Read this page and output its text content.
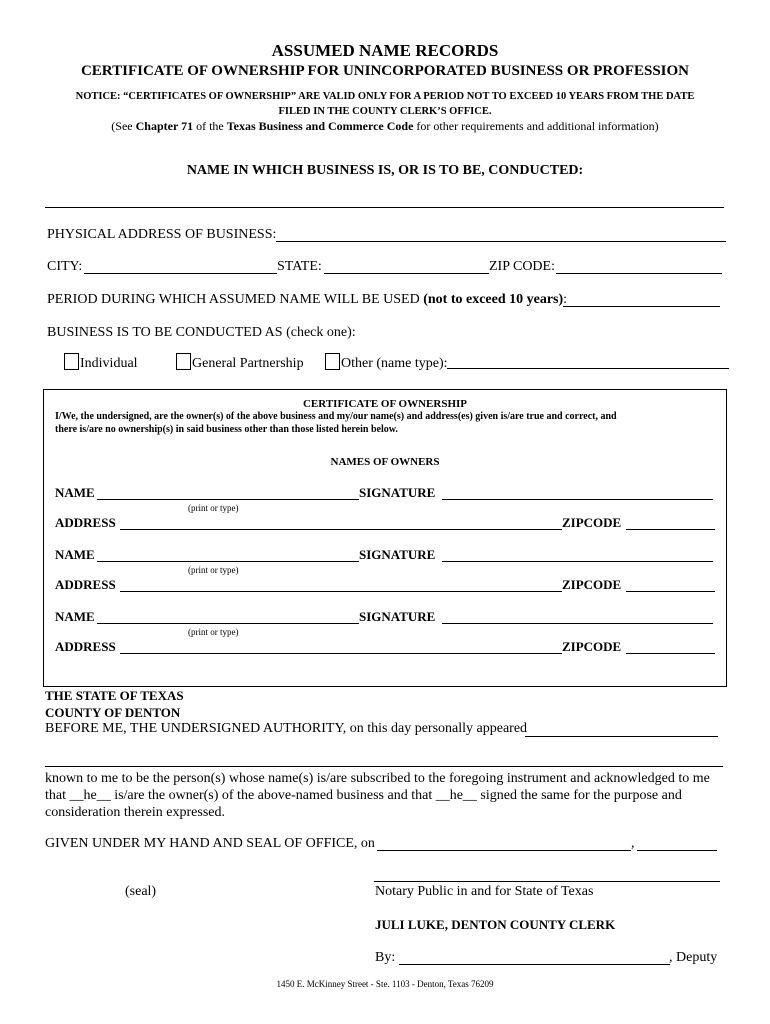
ASSUMED NAME RECORDS
CERTIFICATE OF OWNERSHIP FOR UNINCORPORATED BUSINESS OR PROFESSION
NOTICE: “CERTIFICATES OF OWNERSHIP” ARE VALID ONLY FOR A PERIOD NOT TO EXCEED 10 YEARS FROM THE DATE
FILED IN THE COUNTY CLERK’S OFFICE.
(See Chapter 71 of the Texas Business and Commerce Code for other requirements and additional information)
NAME IN WHICH BUSINESS IS, OR IS TO BE, CONDUCTED:
PHYSICAL ADDRESS OF BUSINESS:
CITY:	STATE:	ZIP CODE:
PERIOD DURING WHICH ASSUMED NAME WILL BE USED (not to exceed 10 years):
BUSINESS IS TO BE CONDUCTED AS (check one):
Individual	General Partnership	Other (name type):
CERTIFICATE OF OWNERSHIP
I/We, the undersigned, are the owner(s) of the above business and my/our name(s) and address(es) given is/are true and correct, and
there is/are no ownership(s) in said business other than those listed herein below.
NAMES OF OWNERS
NAME	SIGNATURE
(print or type)
ADDRESS	ZIPCODE
NAME	SIGNATURE
(print or type)
ADDRESS	ZIPCODE
NAME	SIGNATURE
(print or type)
ADDRESS	ZIPCODE
THE STATE OF TEXAS
COUNTY OF DENTON
BEFORE ME, THE UNDERSIGNED AUTHORITY, on this day personally appeared
known to me to be the person(s) whose name(s) is/are subscribed to the foregoing instrument and acknowledged to me
that __he__ is/are the owner(s) of the above-named business and that __he__ signed the same for the purpose and
consideration therein expressed.
GIVEN UNDER MY HAND AND SEAL OF OFFICE, on	,
(seal)	Notary Public in and for State of Texas
JULI LUKE, DENTON COUNTY CLERK
By:	, Deputy
1450 E. McKinney Street - Ste. 1103 - Denton, Texas 76209
